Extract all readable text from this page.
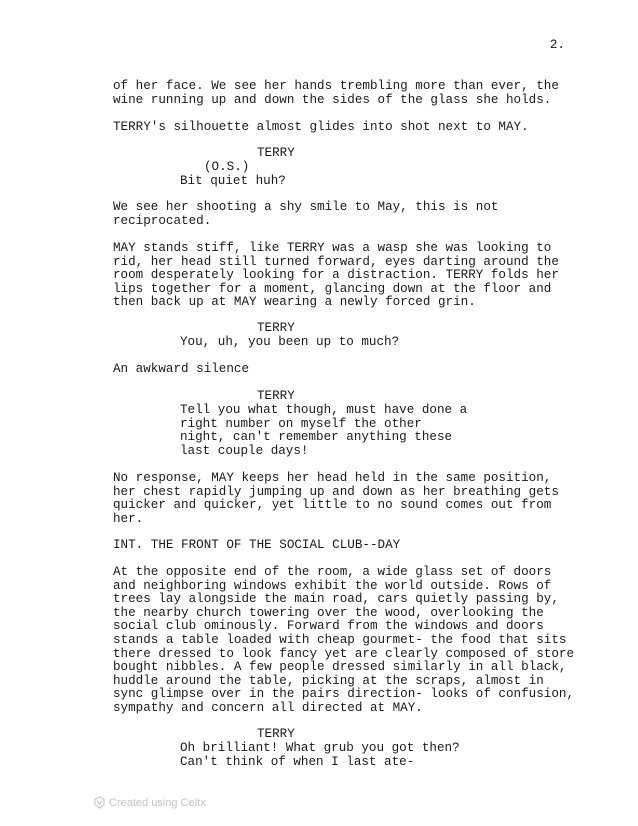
2.
of her face. We see her hands trembling more than ever, the
wine running up and down the sides of the glass she holds.
TERRY's silhouette almost glides into shot next to MAY.
TERRY
(O.S.)
Bit quiet huh?
We see her shooting a shy smile to May, this is not
reciprocated.
MAY stands stiff, like TERRY was a wasp she was looking to
rid, her head still turned forward, eyes darting around the
room desperately looking for a distraction. TERRY folds her
lips together for a moment, glancing down at the floor and
then back up at MAY wearing a newly forced grin.
TERRY
You, uh, you been up to much?
An awkward silence
TERRY
Tell you what though, must have done a
right number on myself the other
night, can't remember anything these
last couple days!
No response, MAY keeps her head held in the same position,
her chest rapidly jumping up and down as her breathing gets
quicker and quicker, yet little to no sound comes out from
her.
INT. THE FRONT OF THE SOCIAL CLUB--DAY
At the opposite end of the room, a wide glass set of doors
and neighboring windows exhibit the world outside. Rows of
trees lay alongside the main road, cars quietly passing by,
the nearby church towering over the wood, overlooking the
social club ominously. Forward from the windows and doors
stands a table loaded with cheap gourmet- the food that sits
there dressed to look fancy yet are clearly composed of store
bought nibbles. A few people dressed similarly in all black,
huddle around the table, picking at the scraps, almost in
sync glimpse over in the pairs direction- looks of confusion,
sympathy and concern all directed at MAY.
TERRY
Oh brilliant! What grub you got then?
Can't think of when I last ate-
Created using Celtx
